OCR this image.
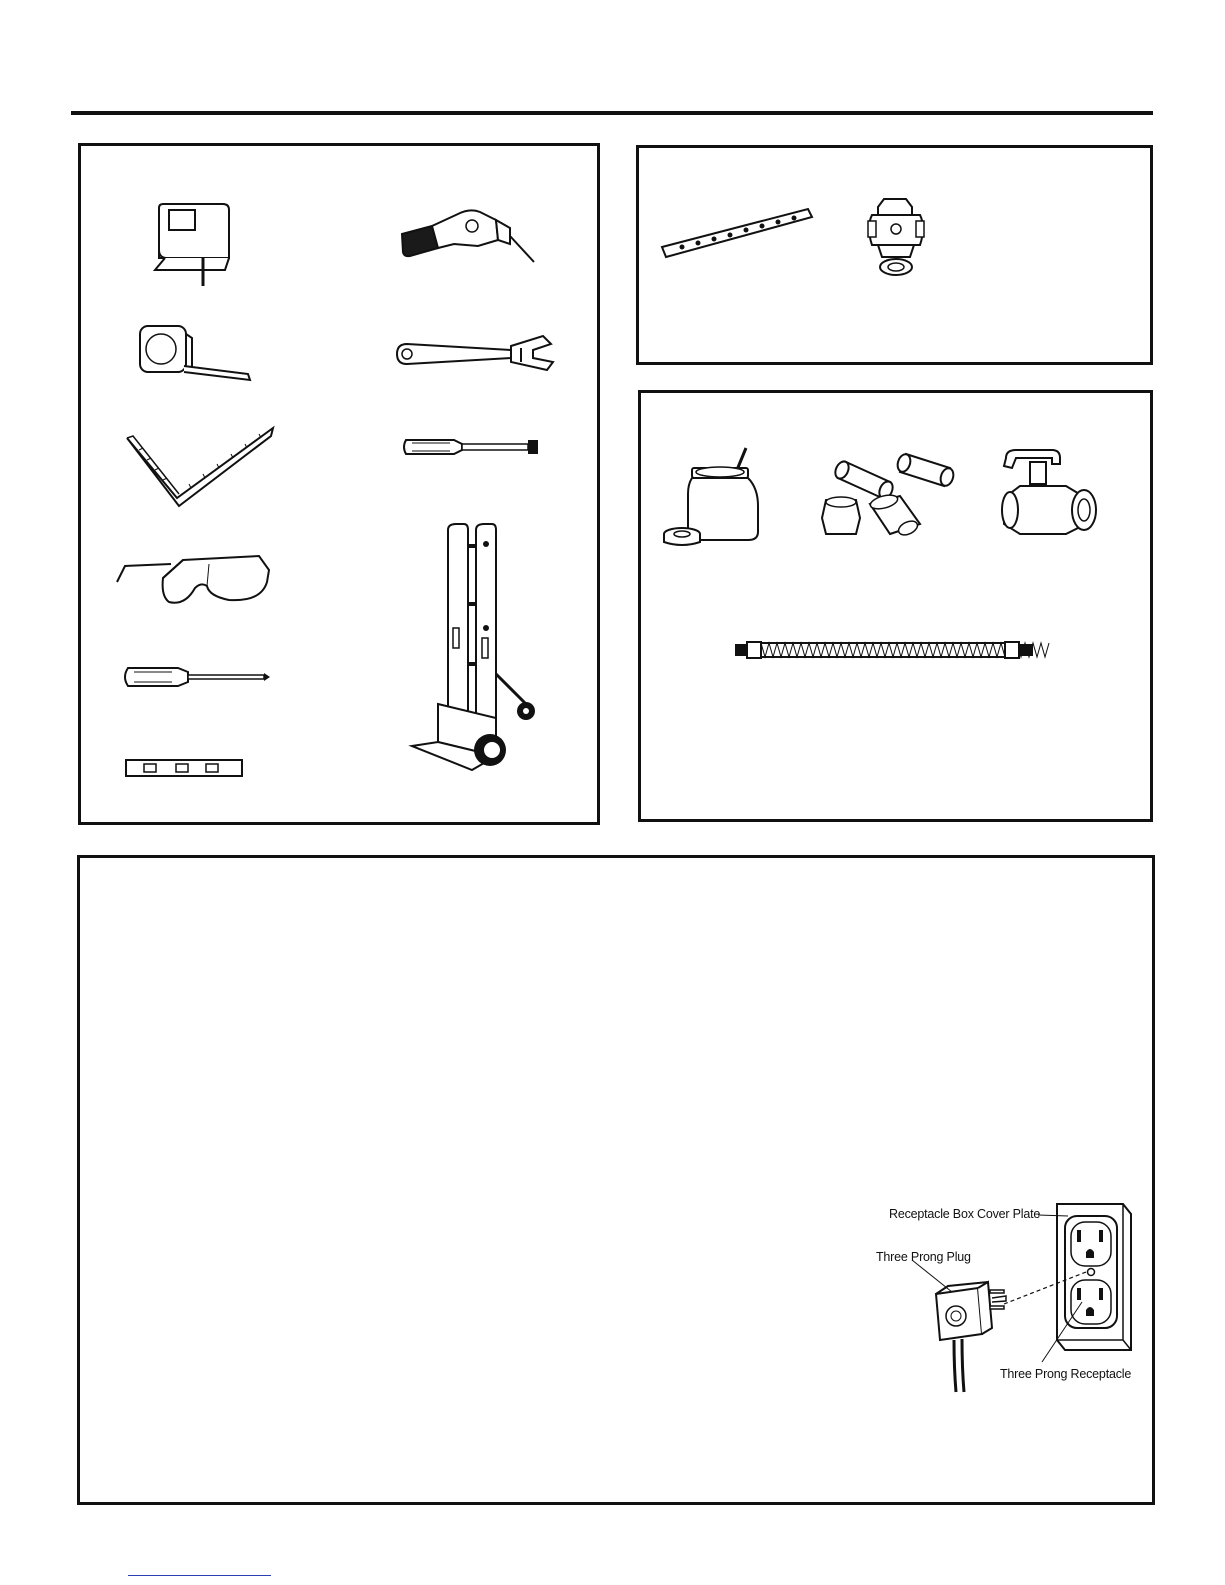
Receptacle Box Cover Plate
Three Prong Plug
Three Prong Receptacle
